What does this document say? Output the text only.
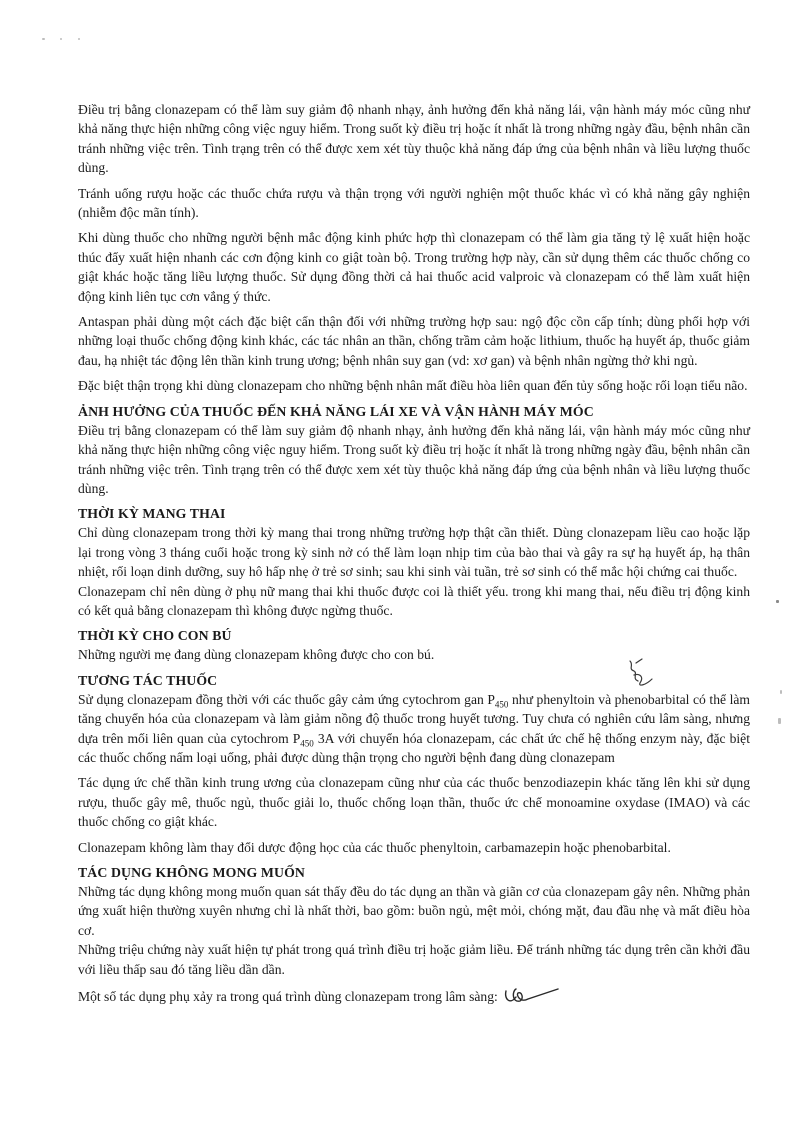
Điều trị bằng clonazepam có thể làm suy giảm độ nhanh nhạy, ảnh hưởng đến khả năng lái, vận hành máy móc cũng như khả năng thực hiện những công việc nguy hiểm. Trong suốt kỳ điều trị hoặc ít nhất là trong những ngày đầu, bệnh nhân cần tránh những việc trên. Tình trạng trên có thể được xem xét tùy thuộc khả năng đáp ứng của bệnh nhân và liều lượng thuốc dùng.

Tránh uống rượu hoặc các thuốc chứa rượu và thận trọng với người nghiện một thuốc khác vì có khả năng gây nghiện (nhiễm độc mãn tính).

Khi dùng thuốc cho những người bệnh mắc động kinh phức hợp thì clonazepam có thể làm gia tăng tỷ lệ xuất hiện hoặc thúc đẩy xuất hiện nhanh các cơn động kinh co giật toàn bộ. Trong trường hợp này, cần sử dụng thêm các thuốc chống co giật khác hoặc tăng liều lượng thuốc. Sử dụng đồng thời cả hai thuốc acid valproic và clonazepam có thể làm xuất hiện động kinh liên tục cơn vắng ý thức.

Antaspan phải dùng một cách đặc biệt cẩn thận đối với những trường hợp sau: ngộ độc cồn cấp tính; dùng phối hợp với những loại thuốc chống động kinh khác, các tác nhân an thần, chống trầm cảm hoặc lithium, thuốc hạ huyết áp, thuốc giảm đau, hạ nhiệt tác động lên thần kinh trung ương; bệnh nhân suy gan (vd: xơ gan) và bệnh nhân ngừng thở khi ngủ.

Đặc biệt thận trọng khi dùng clonazepam cho những bệnh nhân mất điều hòa liên quan đến tủy sống hoặc rối loạn tiểu não.

ẢNH HƯỞNG CỦA THUỐC ĐẾN KHẢ NĂNG LÁI XE VÀ VẬN HÀNH MÁY MÓC

Điều trị bằng clonazepam có thể làm suy giảm độ nhanh nhạy, ảnh hưởng đến khả năng lái, vận hành máy móc cũng như khả năng thực hiện những công việc nguy hiểm. Trong suốt kỳ điều trị hoặc ít nhất là trong những ngày đầu, bệnh nhân cần tránh những việc trên. Tình trạng trên có thể được xem xét tùy thuộc khả năng đáp ứng của bệnh nhân và liều lượng thuốc dùng.

THỜI KỲ MANG THAI

Chỉ dùng clonazepam trong thời kỳ mang thai trong những trường hợp thật cần thiết. Dùng clonazepam liều cao hoặc lặp lại trong vòng 3 tháng cuối hoặc trong kỳ sinh nở có thể làm loạn nhịp tim của bào thai và gây ra sự hạ huyết áp, hạ thân nhiệt, rối loạn dinh dưỡng, suy hô hấp nhẹ ở trẻ sơ sinh; sau khi sinh vài tuần, trẻ sơ sinh có thể mắc hội chứng cai thuốc.

Clonazepam chỉ nên dùng ở phụ nữ mang thai khi thuốc được coi là thiết yếu. trong khi mang thai, nếu điều trị động kinh có kết quả bằng clonazepam thì không được ngừng thuốc.

THỜI KỲ CHO CON BÚ

Những người mẹ đang dùng clonazepam không được cho con bú.

TƯƠNG TÁC THUỐC

Sử dụng clonazepam đồng thời với các thuốc gây cảm ứng cytochrom gan $P_{450}$ như phenyltoin và phenobarbital có thể làm tăng chuyển hóa của clonazepam và làm giảm nồng độ thuốc trong huyết tương. Tuy chưa có nghiên cứu lâm sàng, nhưng dựa trên mối liên quan của cytochrom $P_{450}$ 3A với chuyển hóa clonazepam, các chất ức chế hệ thống enzym này, đặc biệt các thuốc chống nấm loại uống, phải được dùng thận trọng cho người bệnh đang dùng clonazepam

Tác dụng ức chế thần kinh trung ương của clonazepam cũng như của các thuốc benzodiazepin khác tăng lên khi sử dụng rượu, thuốc gây mê, thuốc ngủ, thuốc giải lo, thuốc chống loạn thần, thuốc ức chế monoamine oxydase (IMAO) và các thuốc chống co giật khác.

Clonazepam không làm thay đổi dược động học của các thuốc phenyltoin, carbamazepin hoặc phenobarbital.

TÁC DỤNG KHÔNG MONG MUỐN

Những tác dụng không mong muốn quan sát thấy đều do tác dụng an thần và giãn cơ của clonazepam gây nên. Những phản ứng xuất hiện thường xuyên nhưng chỉ là nhất thời, bao gồm: buồn ngủ, mệt mỏi, chóng mặt, đau đầu nhẹ và mất điều hòa cơ.

Những triệu chứng này xuất hiện tự phát trong quá trình điều trị hoặc giảm liều. Để tránh những tác dụng trên cần khởi đầu với liều thấp sau đó tăng liều dần dần.

Một số tác dụng phụ xảy ra trong quá trình dùng clonazepam trong lâm sàng:
